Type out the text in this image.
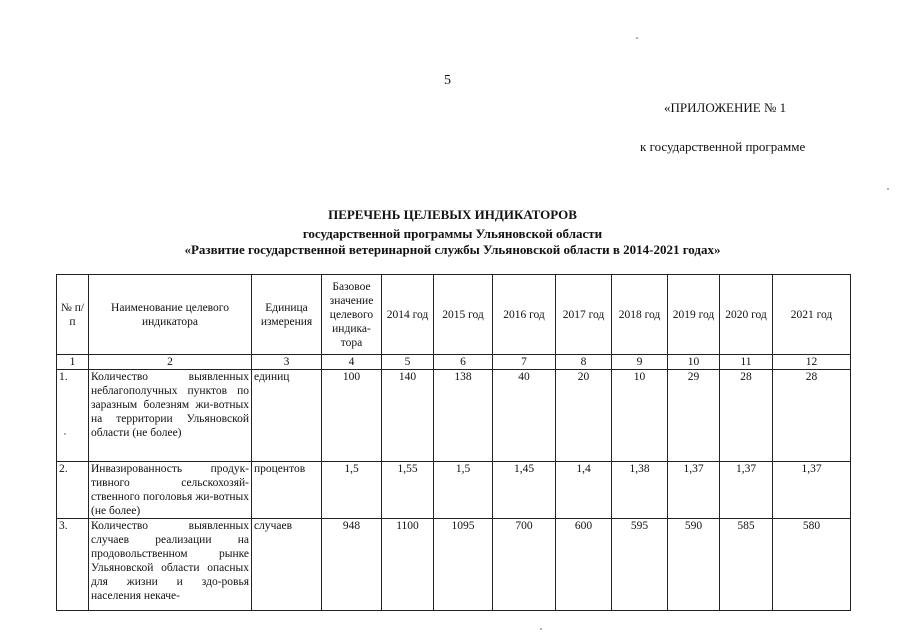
5
«ПРИЛОЖЕНИЕ № 1
к государственной программе
ПЕРЕЧЕНЬ ЦЕЛЕВЫХ ИНДИКАТОРОВ
государственной программы Ульяновской области
«Развитие государственной ветеринарной службы Ульяновской области в 2014-2021 годах»
№ п/п	Наименование целевого индикатора	Единица измерения	Базовое значение целевого индика-тора	2014 год	2015 год	2016 год	2017 год	2018 год	2019 год	2020 год	2021 год
1	2	3	4	5	6	7	8	9	10	11	12
1.	Количество выявленных неблагополучных пунктов по заразным болезням жи-вотных на территории Ульяновской области (не более)	единиц	100	140	138	40	20	10	29	28	28
2.	Инвазированность продук-тивного сельскохозяй-ственного поголовья жи-вотных (не более)	процентов	1,5	1,55	1,5	1,45	1,4	1,38	1,37	1,37	1,37
3.	Количество выявленных случаев реализации на продовольственном рынке Ульяновской области опасных для жизни и здо-ровья населения некаче-	случаев	948	1100	1095	700	600	595	590	585	580
